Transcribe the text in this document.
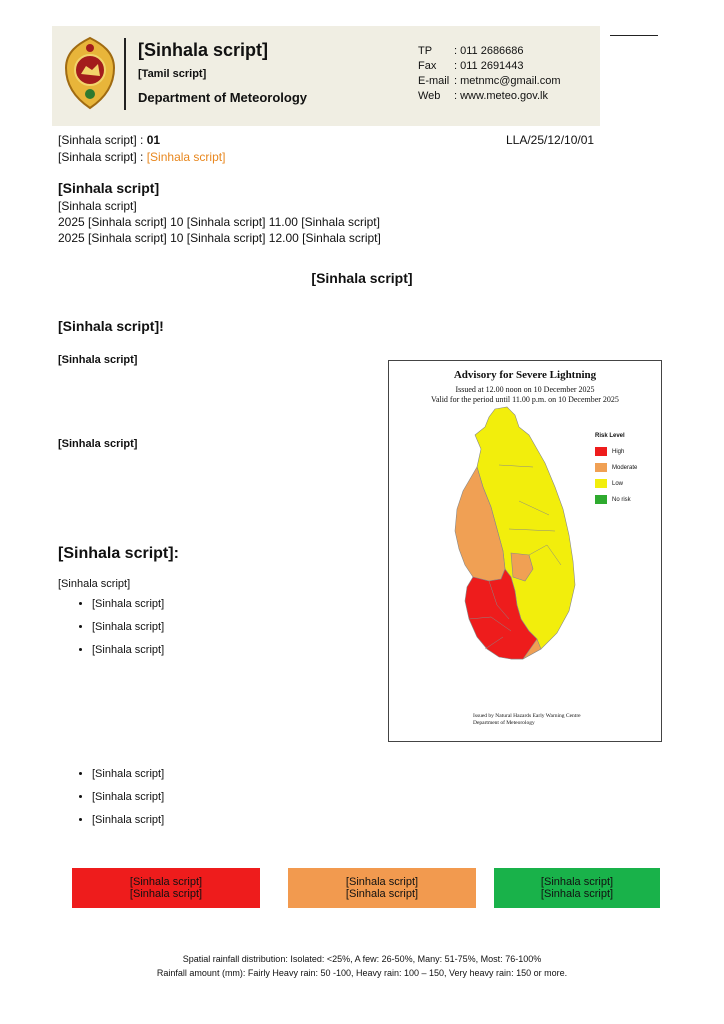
[Sinhala script]
[Tamil script]
Department of Meteorology
TP	: 011 2686686
Fax	: 011 2691443
E-mail : metnmc@gmail.com
Web	: www.meteo.gov.lk
[Sinhala script] : 01	LLA/25/12/10/01
[Sinhala script] : [Sinhala script]
[Sinhala script]
[Sinhala script]
2025 [Sinhala script] 10 [Sinhala script] 11.00 [Sinhala script]
2025 [Sinhala script] 10 [Sinhala script] 12.00 [Sinhala script]
[Sinhala script]
[Sinhala script]!
[Sinhala script]
[Sinhala script]
[Sinhala script]:
[Sinhala script]
• [Sinhala script]
• [Sinhala script]
• [Sinhala script]
• [Sinhala script]
• [Sinhala script]
• [Sinhala script]
Advisory for Severe Lightning
Issued at 12.00 noon on 10 December 2025
Valid for the period until 11.00 p.m. on 10 December 2025
Risk Level
High
Moderate
Low
No risk
Issued by Natural Hazards Early Warning Centre
Department of Meteorology
[Sinhala script]
[Sinhala script]
[Sinhala script]
[Sinhala script]
[Sinhala script]
[Sinhala script]
Spatial rainfall distribution: Isolated: <25%, A few: 26-50%, Many: 51-75%, Most: 76-100%
Rainfall amount (mm): Fairly Heavy rain: 50 -100, Heavy rain: 100 – 150, Very heavy rain: 150 or more.
